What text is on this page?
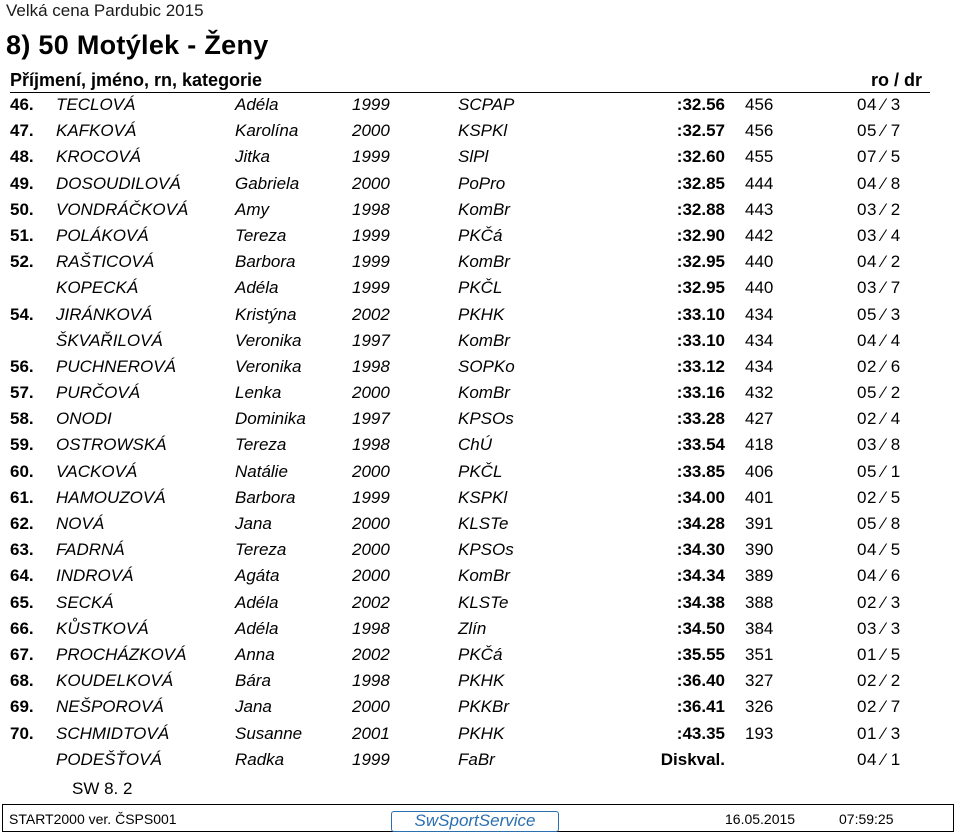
Velká cena Pardubic 2015
8) 50 Motýlek - Ženy
Příjmení, jméno, rn, kategorie	ro / dr
46. TECLOVÁ	Adéla	1999	SCPAP	:32.56 456	04 ⁄ 3
47. KAFKOVÁ	Karolína	2000	KSPKl	:32.57 456	05 ⁄ 7
48. KROCOVÁ	Jitka	1999	SlPl	:32.60 455	07 ⁄ 5
49. DOSOUDILOVÁ	Gabriela	2000	PoPro	:32.85 444	04 ⁄ 8
50. VONDRÁČKOVÁ	Amy	1998	KomBr	:32.88 443	03 ⁄ 2
51. POLÁKOVÁ	Tereza	1999	PKČá	:32.90 442	03 ⁄ 4
52. RAŠTICOVÁ	Barbora	1999	KomBr	:32.95 440	04 ⁄ 2
KOPECKÁ	Adéla	1999	PKČL	:32.95 440	03 ⁄ 7
54. JIRÁNKOVÁ	Kristýna	2002	PKHK	:33.10 434	05 ⁄ 3
ŠKVAŘILOVÁ	Veronika	1997	KomBr	:33.10 434	04 ⁄ 4
56. PUCHNEROVÁ	Veronika	1998	SOPKo	:33.12 434	02 ⁄ 6
57. PURČOVÁ	Lenka	2000	KomBr	:33.16 432	05 ⁄ 2
58. ONODI	Dominika	1997	KPSOs	:33.28 427	02 ⁄ 4
59. OSTROWSKÁ	Tereza	1998	ChÚ	:33.54 418	03 ⁄ 8
60. VACKOVÁ	Natálie	2000	PKČL	:33.85 406	05 ⁄ 1
61. HAMOUZOVÁ	Barbora	1999	KSPKl	:34.00 401	02 ⁄ 5
62. NOVÁ	Jana	2000	KLSTe	:34.28 391	05 ⁄ 8
63. FADRNÁ	Tereza	2000	KPSOs	:34.30 390	04 ⁄ 5
64. INDROVÁ	Agáta	2000	KomBr	:34.34 389	04 ⁄ 6
65. SECKÁ	Adéla	2002	KLSTe	:34.38 388	02 ⁄ 3
66. KŮSTKOVÁ	Adéla	1998	Zlín	:34.50 384	03 ⁄ 3
67. PROCHÁZKOVÁ	Anna	2002	PKČá	:35.55 351	01 ⁄ 5
68. KOUDELKOVÁ	Bára	1998	PKHK	:36.40 327	02 ⁄ 2
69. NEŠPOROVÁ	Jana	2000	PKKBr	:36.41 326	02 ⁄ 7
70. SCHMIDTOVÁ	Susanne	2001	PKHK	:43.35 193	01 ⁄ 3
PODEŠŤOVÁ	Radka	1999	FaBr	Diskval.	04 ⁄ 1
SW 8. 2
START2000 ver. ČSPS001	SwSportService	16.05.2015	07:59:25
